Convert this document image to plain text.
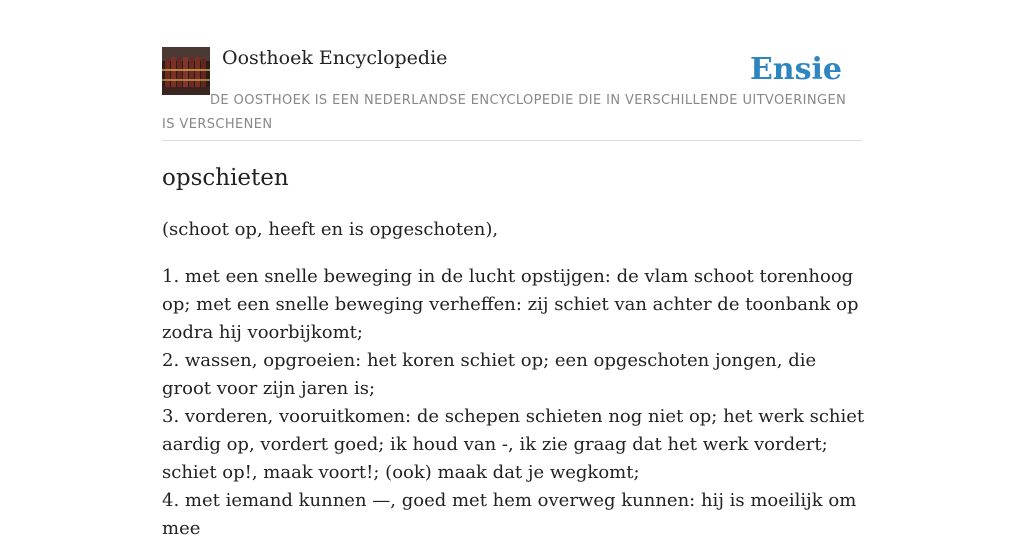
Oosthoek Encyclopedie	Ensie
DE OOSTHOEK IS EEN NEDERLANDSE ENCYCLOPEDIE DIE IN VERSCHILLENDE UITVOERINGEN IS VERSCHENEN
opschieten

(schoot op, heeft en is opgeschoten),

1. met een snelle beweging in de lucht opstijgen: de vlam schoot torenhoog op; met een snelle beweging verheffen: zij schiet van achter de toonbank op zodra hij voorbijkomt;
2. wassen, opgroeien: het koren schiet op; een opgeschoten jongen, die groot voor zijn jaren is;
3. vorderen, vooruitkomen: de schepen schieten nog niet op; het werk schiet aardig op, vordert goed; ik houd van -, ik zie graag dat het werk vordert; schiet op!, maak voort!; (ook) maak dat je wegkomt;
4. met iemand kunnen —, goed met hem overweg kunnen: hij is moeilijk om mee
